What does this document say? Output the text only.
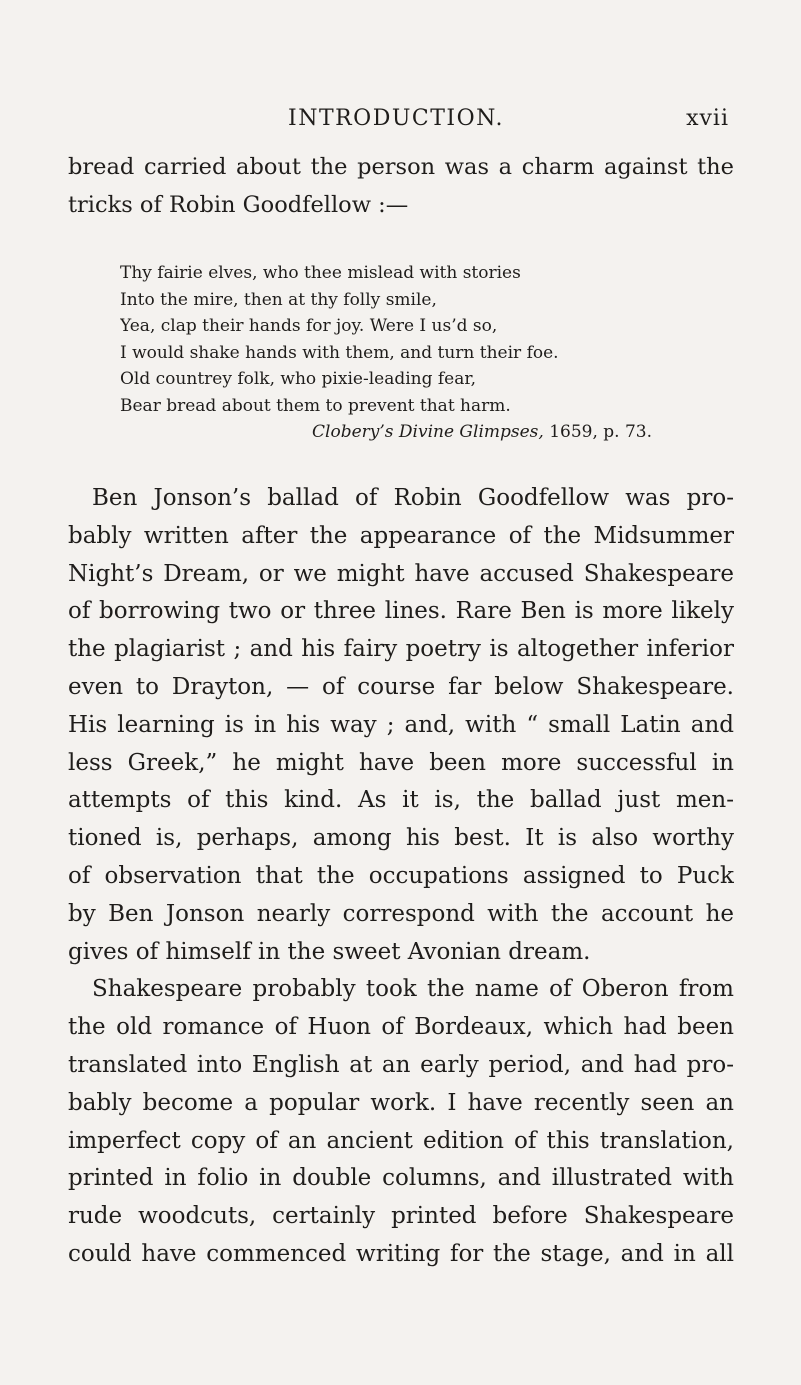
INTRODUCTION.	xvii
bread carried about the person was a charm against the
tricks of Robin Goodfellow :—
Thy fairie elves, who thee mislead with stories
Into the mire, then at thy folly smile,
Yea, clap their hands for joy. Were I us’d so,
I would shake hands with them, and turn their foe.
Old countrey folk, who pixie-leading fear,
Bear bread about them to prevent that harm.
Clobery’s Divine Glimpses, 1659, p. 73.
Ben Jonson’s ballad of Robin Goodfellow was pro-
bably written after the appearance of the Midsummer
Night’s Dream, or we might have accused Shakespeare
of borrowing two or three lines. Rare Ben is more likely
the plagiarist ; and his fairy poetry is altogether inferior
even to Drayton, — of course far below Shakespeare.
His learning is in his way ; and, with “ small Latin and
less Greek,” he might have been more successful in
attempts of this kind. As it is, the ballad just men-
tioned is, perhaps, among his best. It is also worthy
of observation that the occupations assigned to Puck
by Ben Jonson nearly correspond with the account he
gives of himself in the sweet Avonian dream.
Shakespeare probably took the name of Oberon from
the old romance of Huon of Bordeaux, which had been
translated into English at an early period, and had pro-
bably become a popular work. I have recently seen an
imperfect copy of an ancient edition of this translation,
printed in folio in double columns, and illustrated with
rude woodcuts, certainly printed before Shakespeare
could have commenced writing for the stage, and in all
